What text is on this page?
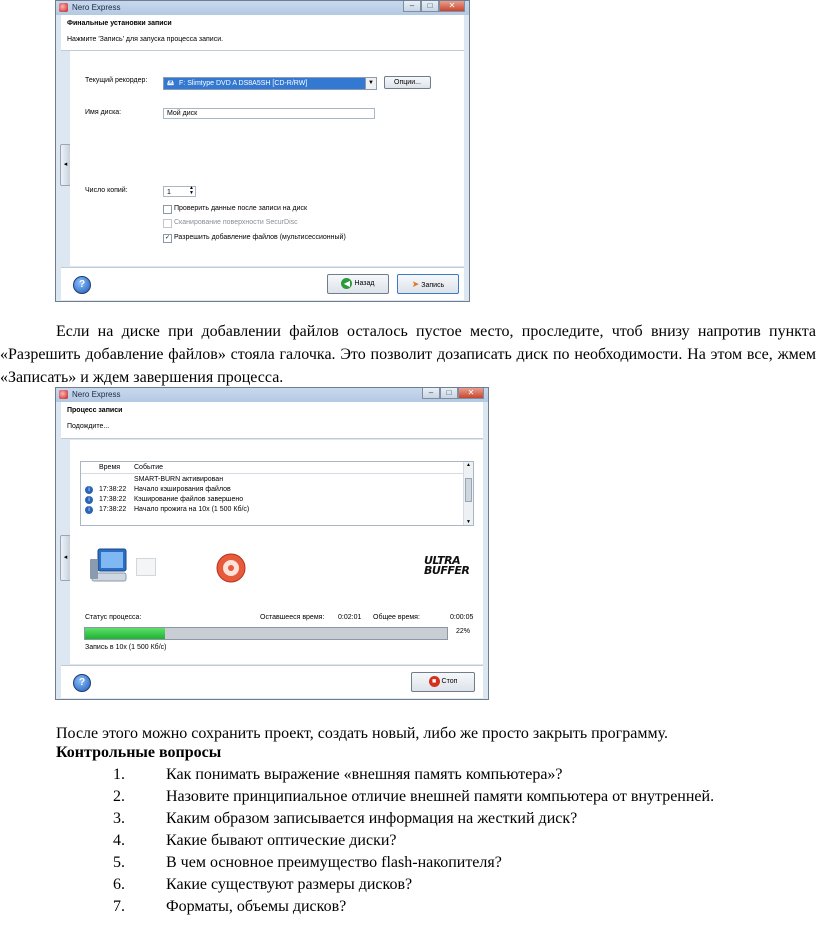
Nero Express	–	□	✕
Финальные установки записи
Нажмите 'Запись' для запуска процесса записи.
◂
Текущий рекордер:	🖴 F: Slimtype DVD A DS8A5SH [CD-R/RW]	▼	Опции...
Имя диска:
Мой диск
Число копий:	1
▲
▼
Проверить данные после записи на диск
Сканирование поверхности SecurDisc
✓ Разрешить добавление файлов (мультисессионный)
?	◀ Назад	➤ Запись
Если на диске при добавлении файлов осталось пустое место, проследите, чтоб внизу напротив пункта «Разрешить добавление файлов» стояла галочка. Это позволит дозаписать диск по необходимости. На этом все, жмем «Записать» и ждем завершения процесса.
Nero Express	–	□	✕
Процесс записи
Подождите...
◂
Время Событие	▲
▼
SMART-BURN активирован
i	17:38:22 Начало кэширования файлов
i	17:38:22 Кэширование файлов завершено
i	17:38:22 Начало прожига на 10x (1 500 Кб/с)
ULTRA
BUFFER
Статус процесса:	Оставшееся время: 0:02:01 Общее время:	0:00:05
22%
Запись в 10x (1 500 Кб/с)
?	■ Стоп
После этого можно сохранить проект, создать новый, либо же просто закрыть программу.
Контрольные вопросы
1.	Как понимать выражение «внешняя память компьютера»?
2.	Назовите принципиальное отличие внешней памяти компьютера от внутренней.
3.	Каким образом записывается информация на жесткий диск?
4.	Какие бывают оптические диски?
5.	В чем основное преимущество flash-накопителя?
6.	Какие существуют размеры дисков?
7.	Форматы, объемы дисков?
